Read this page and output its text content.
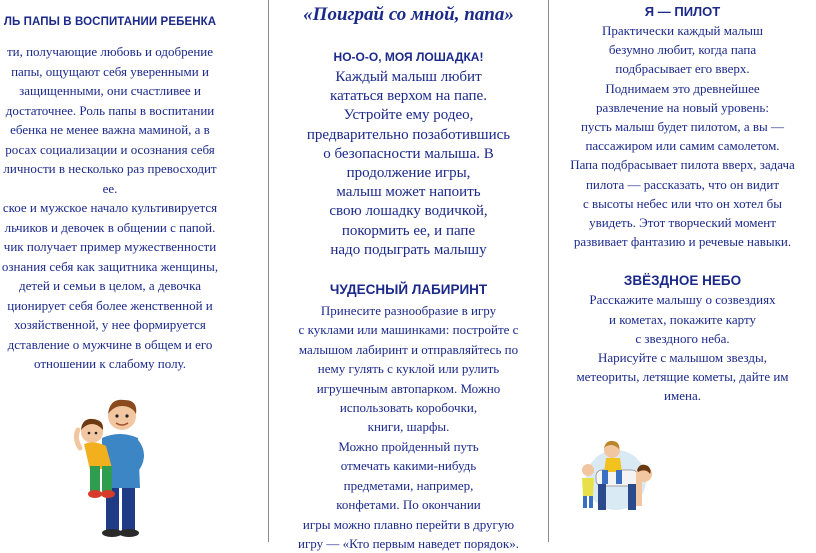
ЛЬ ПАПЫ В ВОСПИТАНИИ РЕБЕНКА

ти, получающие любовь и одобрение

папы, ощущают себя уверенными и

защищенными, они счастливее и

достаточнее. Роль папы в воспитании

ебенка не менее важна маминой, а в

росах социализации и осознания себя

личности в несколько раз превосходит

ее.

ское и мужское начало культивируется

льчиков и девочек в общении с папой.

чик получает пример мужественности

ознания себя как защитника женщины,

детей и семьи в целом, а девочка

ционирует себя более женственной и

хозяйственной, у нее формируется

дставление о мужчине в общем и его

отношении к слабому полу.

«Поиграй со мной, папа»
НО-О-О, МОЯ ЛОШАДКА!

Каждый малыш любит

кататься верхом на папе.

Устройте ему родео,

предварительно позаботившись

о безопасности малыша. В

продолжение игры,

малыш может напоить

свою лошадку водичкой,

покормить ее, и папе

надо подыграть малышу

ЧУДЕСНЫЙ ЛАБИРИНТ

Принесите разнообразие в игру

с куклами или машинками: постройте с

малышом лабиринт и отправляйтесь по

нему гулять с куклой или рулить

игрушечным автопарком. Можно

использовать коробочки,

книги, шарфы.

Можно пройденный путь

отмечать какими-нибудь

предметами, например,

конфетами. По окончании

игры можно плавно перейти в другую

игру — «Кто первым наведет порядок».

Я — ПИЛОТ

Практически каждый малыш

безумно любит, когда папа

подбрасывает его вверх.

Поднимаем это древнейшее

развлечение на новый уровень:

пусть малыш будет пилотом, а вы —

пассажиром или самим самолетом.

Папа подбрасывает пилота вверх, задача

пилота — рассказать, что он видит

с высоты небес или что он хотел бы

увидеть. Этот творческий момент

развивает фантазию и речевые навыки.

ЗВЁЗДНОЕ НЕБО

Расскажите малышу о созвездиях

и кометах, покажите карту

с звездного неба.

Нарисуйте с малышом звезды,

метеориты, летящие кометы, дайте им

имена.
